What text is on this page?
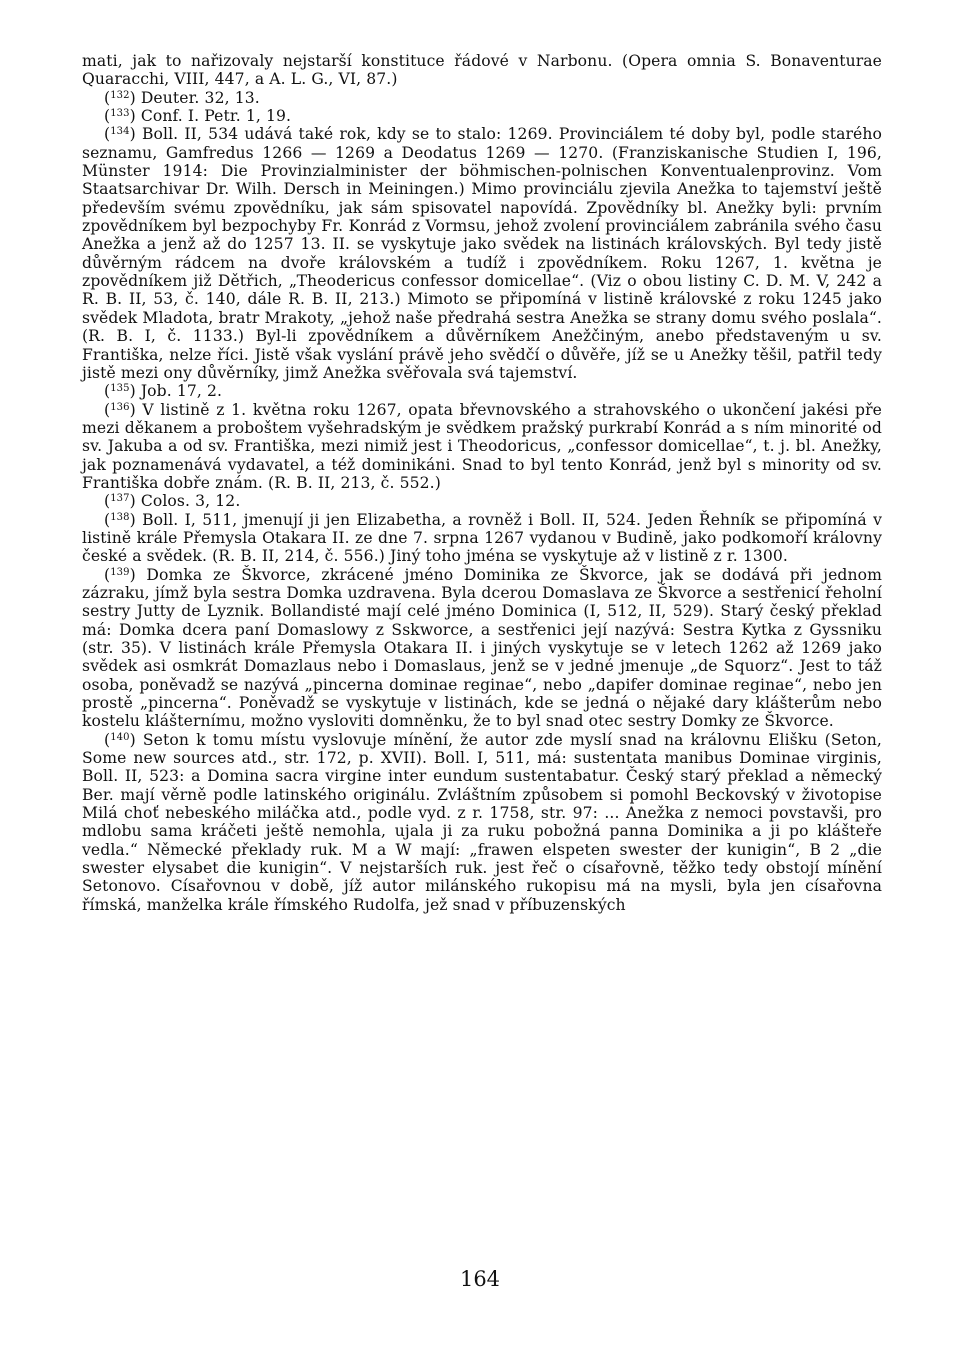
mati, jak to nařizovaly nejstarší konstituce řádové v Narbonu. (Opera omnia S. Bonaventurae Quaracchi, VIII, 447, a A. L. G., VI, 87.)

($^{132}$) Deuter. 32, 13.

($^{133}$) Conf. I. Petr. 1, 19.

($^{134}$) Boll. II, 534 udává také rok, kdy se to stalo: 1269. Provinciálem té doby byl, podle starého seznamu, Gamfredus 1266 — 1269 a Deodatus 1269 — 1270. (Franziskanische Studien I, 196, Münster 1914: Die Provinzialminister der böhmischen-polnischen Konventualenprovinz. Vom Staatsarchivar Dr. Wilh. Dersch in Meiningen.) Mimo provinciálu zjevila Anežka to tajemství ještě především svému zpovědníku, jak sám spisovatel napovídá. Zpovědníky bl. Anežky byli: prvním zpovědníkem byl bezpochyby Fr. Konrád z Vormsu, jehož zvolení provinciálem zabránila svého času Anežka a jenž až do 1257 13. II. se vyskytuje jako svědek na listinách královských. Byl tedy jistě důvěrným rádcem na dvoře královském a tudíž i zpovědníkem. Roku 1267, 1. května je zpovědníkem již Dětřich, „Theodericus confessor domicellae“. (Viz o obou listiny C. D. M. V, 242 a R. B. II, 53, č. 140, dále R. B. II, 213.) Mimoto se připomíná v listině královské z roku 1245 jako svědek Mladota, bratr Mrakoty, „jehož naše předrahá sestra Anežka se strany domu svého poslala“. (R. B. I, č. 1133.) Byl-li zpovědníkem a důvěrníkem Anežčiným, anebo představeným u sv. Františka, nelze říci. Jistě však vyslání právě jeho svědčí o důvěře, jíž se u Anežky těšil, patřil tedy jistě mezi ony důvěrníky, jimž Anežka svěřovala svá tajemství.

($^{135}$) Job. 17, 2.

($^{136}$) V listině z 1. května roku 1267, opata břevnovského a strahovského o ukončení jakési pře mezi děkanem a proboštem vyšehradským je svědkem pražský purkrabí Konrád a s ním minorité od sv. Jakuba a od sv. Františka, mezi nimiž jest i Theodoricus, „confessor domicellae“, t. j. bl. Anežky, jak poznamenává vydavatel, a též dominikáni. Snad to byl tento Konrád, jenž byl s minority od sv. Františka dobře znám. (R. B. II, 213, č. 552.)

($^{137}$) Colos. 3, 12.

($^{138}$) Boll. I, 511, jmenují ji jen Elizabetha, a rovněž i Boll. II, 524. Jeden Řehník se připomíná v listině krále Přemysla Otakara II. ze dne 7. srpna 1267 vydanou v Budině, jako podkomoří královny české a svědek. (R. B. II, 214, č. 556.) Jiný toho jména se vyskytuje až v listině z r. 1300.

($^{139}$) Domka ze Škvorce, zkrácené jméno Dominika ze Škvorce, jak se dodává při jednom zázraku, jímž byla sestra Domka uzdravena. Byla dcerou Domaslava ze Škvorce a sestřenicí řeholní sestry Jutty de Lyznik. Bollandisté mají celé jméno Dominica (I, 512, II, 529). Starý český překlad má: Domka dcera paní Domaslowy z Sskworce, a sestřenici její nazývá: Sestra Kytka z Gyssniku (str. 35). V listinách krále Přemysla Otakara II. i jiných vyskytuje se v letech 1262 až 1269 jako svědek asi osmkrát Domazlaus nebo i Domaslaus, jenž se v jedné jmenuje „de Squorz“. Jest to táž osoba, poněvadž se nazývá „pincerna dominae reginae“, nebo „dapifer dominae reginae“, nebo jen prostě „pincerna“. Poněvadž se vyskytuje v listinách, kde se jedná o nějaké dary klášterům nebo kostelu klášternímu, možno vysloviti domněnku, že to byl snad otec sestry Domky ze Škvorce.

($^{140}$) Seton k tomu místu vyslovuje mínění, že autor zde myslí snad na královnu Elišku (Seton, Some new sources atd., str. 172, p. XVII). Boll. I, 511, má: sustentata manibus Dominae virginis, Boll. II, 523: a Domina sacra virgine inter eundum sustentabatur. Český starý překlad a německý Ber. mají věrně podle latinského originálu. Zvláštním způsobem si pomohl Beckovský v životopise Milá choť nebeského miláčka atd., podle vyd. z r. 1758, str. 97: ... Anežka z nemoci povstavši, pro mdlobu sama kráčeti ještě nemohla, ujala ji za ruku pobožná panna Dominika a ji po klášteře vedla.“ Německé překlady ruk. M a W mají: „frawen elspeten swester der kunigin“, B 2 „die swester elysabet die kunigin“. V nejstarších ruk. jest řeč o císařovně, těžko tedy obstojí mínění Setonovo. Císařovnou v době, jíž autor milánského rukopisu má na mysli, byla jen císařovna římská, manželka krále římského Rudolfa, jež snad v příbuzenských

164
